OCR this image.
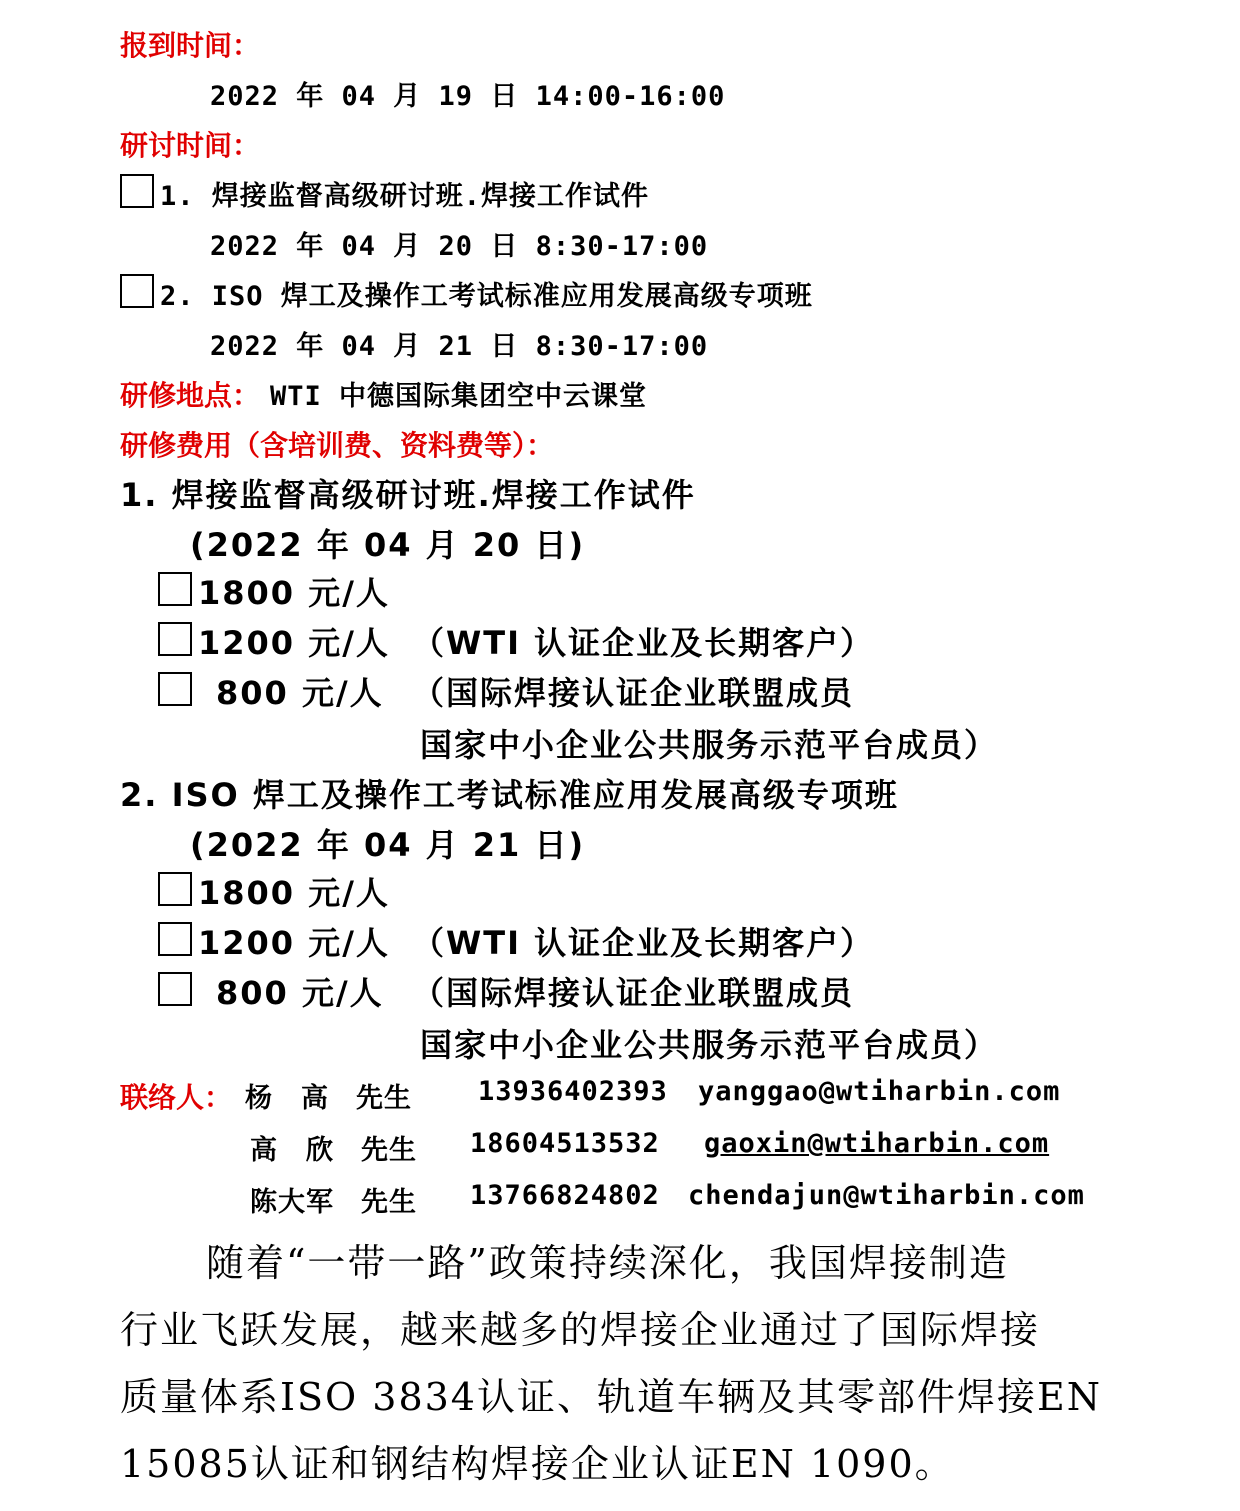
报到时间：
2022 年 04 月 19 日 14:00-16:00
研讨时间：
1. 焊接监督高级研讨班.焊接工作试件
2022 年 04 月 20 日 8:30-17:00
2. ISO 焊工及操作工考试标准应用发展高级专项班
2022 年 04 月 21 日 8:30-17:00
研修地点： WTI 中德国际集团空中云课堂
研修费用（含培训费、资料费等）：
1. 焊接监督高级研讨班.焊接工作试件
(2022 年 04 月 20 日)
1800 元/人
1200 元/人 （WTI 认证企业及长期客户）
800 元/人 （国际焊接认证企业联盟成员
国家中小企业公共服务示范平台成员）
2. ISO 焊工及操作工考试标准应用发展高级专项班
(2022 年 04 月 21 日)
1800 元/人
1200 元/人 （WTI 认证企业及长期客户）
800 元/人 （国际焊接认证企业联盟成员
国家中小企业公共服务示范平台成员）
联络人： 杨　高 先生 13936402393 yanggao@wtiharbin.com
高　欣 先生 18604513532 gaoxin@wtiharbin.com
陈大军 先生 13766824802 chendajun@wtiharbin.com
随着“一带一路”政策持续深化，我国焊接制造
行业飞跃发展，越来越多的焊接企业通过了国际焊接
质量体系ISO 3834认证、轨道车辆及其零部件焊接EN
15085认证和钢结构焊接企业认证EN 1090。
